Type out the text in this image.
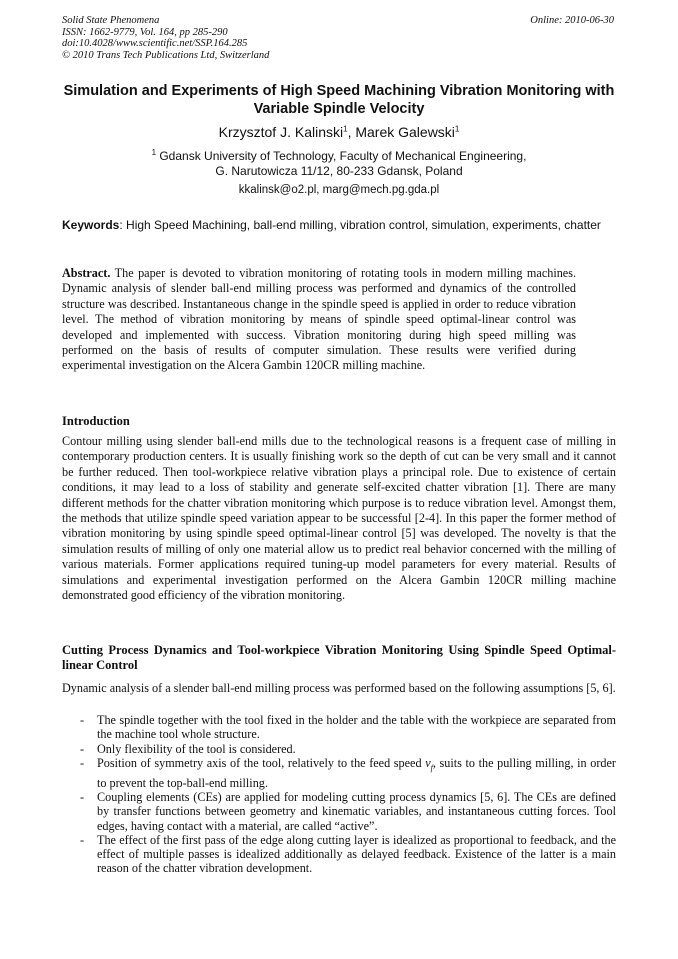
Solid State Phenomena
ISSN: 1662-9779, Vol. 164, pp 285-290
doi:10.4028/www.scientific.net/SSP.164.285
© 2010 Trans Tech Publications Ltd, Switzerland
Online: 2010-06-30
Simulation and Experiments of High Speed Machining Vibration Monitoring with Variable Spindle Velocity
Krzysztof J. Kalinski$^1$, Marek Galewski$^1$
$^1$ Gdansk University of Technology, Faculty of Mechanical Engineering,
G. Narutowicza 11/12, 80-233 Gdansk, Poland
kkalinsk@o2.pl, marg@mech.pg.gda.pl
Keywords: High Speed Machining, ball-end milling, vibration control, simulation, experiments, chatter
Abstract. The paper is devoted to vibration monitoring of rotating tools in modern milling machines. Dynamic analysis of slender ball-end milling process was performed and dynamics of the controlled structure was described. Instantaneous change in the spindle speed is applied in order to reduce vibration level. The method of vibration monitoring by means of spindle speed optimal-linear control was developed and implemented with success. Vibration monitoring during high speed milling was performed on the basis of results of computer simulation. These results were verified during experimental investigation on the Alcera Gambin 120CR milling machine.
Introduction
Contour milling using slender ball-end mills due to the technological reasons is a frequent case of milling in contemporary production centers. It is usually finishing work so the depth of cut can be very small and it cannot be further reduced. Then tool-workpiece relative vibration plays a principal role. Due to existence of certain conditions, it may lead to a loss of stability and generate self-excited chatter vibration [1]. There are many different methods for the chatter vibration monitoring which purpose is to reduce vibration level. Amongst them, the methods that utilize spindle speed variation appear to be successful [2-4]. In this paper the former method of vibration monitoring by using spindle speed optimal-linear control [5] was developed. The novelty is that the simulation results of milling of only one material allow us to predict real behavior concerned with the milling of various materials. Former applications required tuning-up model parameters for every material. Results of simulations and experimental investigation performed on the Alcera Gambin 120CR milling machine demonstrated good efficiency of the vibration monitoring.
Cutting Process Dynamics and Tool-workpiece Vibration Monitoring Using Spindle Speed Optimal-linear Control
Dynamic analysis of a slender ball-end milling process was performed based on the following assumptions [5, 6].
- The spindle together with the tool fixed in the holder and the table with the workpiece are separated from the machine tool whole structure.
- Only flexibility of the tool is considered.
- Position of symmetry axis of the tool, relatively to the feed speed $v_f$, suits to the pulling milling, in order to prevent the top-ball-end milling.
- Coupling elements (CEs) are applied for modeling cutting process dynamics [5, 6]. The CEs are defined by transfer functions between geometry and kinematic variables, and instantaneous cutting forces. Tool edges, having contact with a material, are called “active”.
- The effect of the first pass of the edge along cutting layer is idealized as proportional to feedback, and the effect of multiple passes is idealized additionally as delayed feedback. Existence of the latter is a main reason of the chatter vibration development.
